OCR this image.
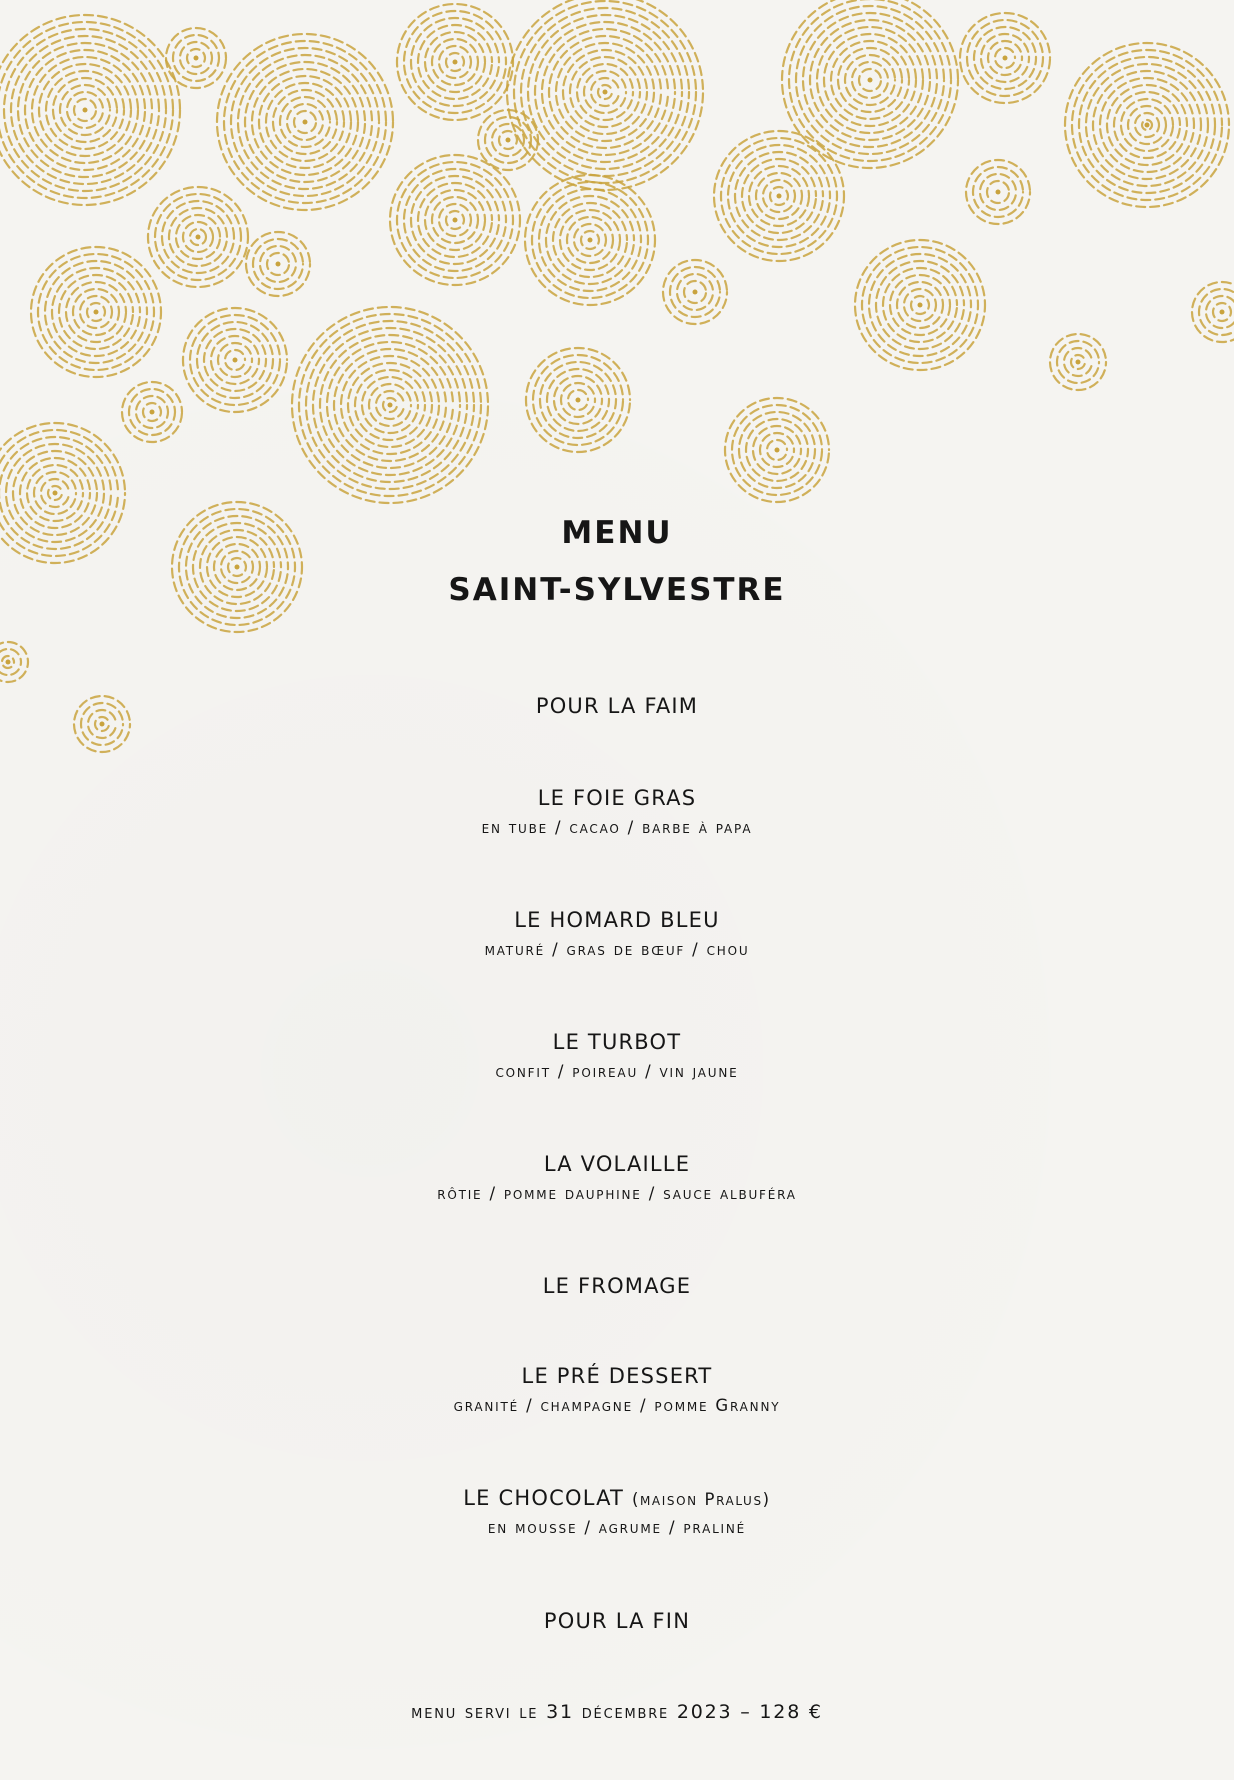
MENU
SAINT-SYLVESTRE
POUR LA FAIM
LE FOIE GRAS
en tube / cacao / barbe à papa
LE HOMARD BLEU
maturé / gras de bœuf / chou
LE TURBOT
confit / poireau / vin jaune
LA VOLAILLE
rôtie / pomme dauphine / sauce albuféra
LE FROMAGE
LE PRÉ DESSERT
granité / champagne / pomme Granny
LE CHOCOLAT (maison Pralus)
en mousse / agrume / praliné
POUR LA FIN
menu servi le 31 décembre 2023 – 128 €
